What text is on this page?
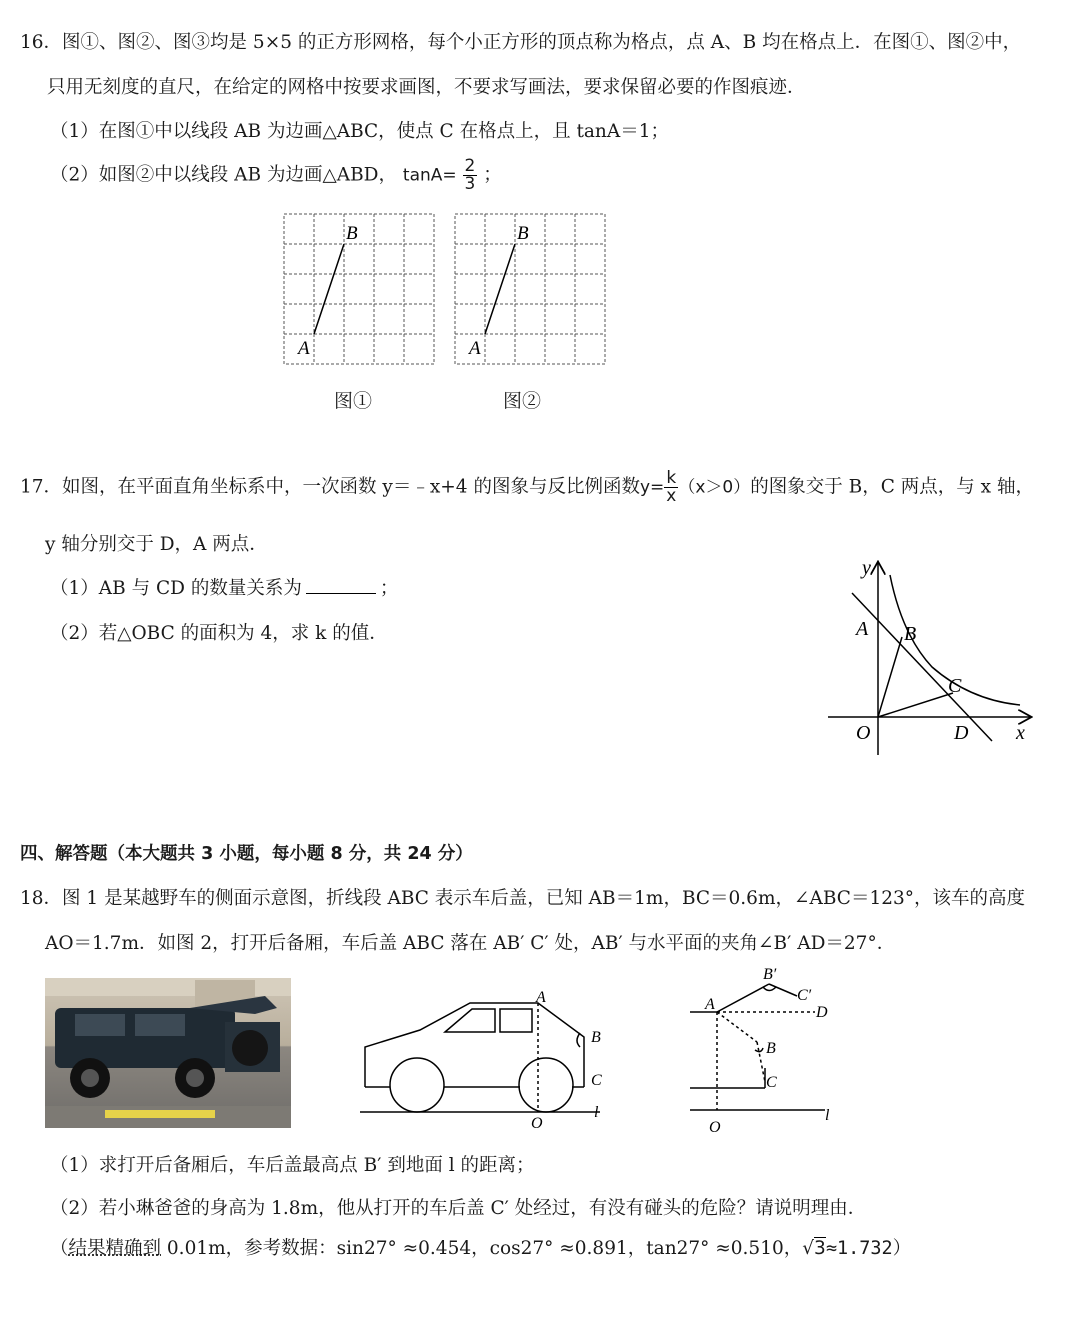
16．图①、图②、图③均是 5×5 的正方形网格，每个小正方形的顶点称为格点，点 A、B 均在格点上．在图①、图②中，
只用无刻度的直尺，在给定的网格中按要求画图，不要求写画法，要求保留必要的作图痕迹．
（1）在图①中以线段 AB 为边画△ABC，使点 C 在格点上，且 tanA＝1；
（2）如图②中以线段 AB 为边画△ABD， $\tan A= \frac{2}{3}$ ；
B
A
图①
B
A
图②
17．如图，在平面直角坐标系中，一次函数 y＝﹣x+4 的图象与反比例函数$y= \frac{k}{x} (x>0)$的图象交于 B，C 两点，与 x 轴，
y 轴分别交于 D，A 两点．
（1）AB 与 CD 的数量关系为	；
（2）若△OBC 的面积为 4，求 k 的值．
y
x
A B
C
D
O
四、解答题（本大题共 3 小题，每小题 8 分，共 24 分）
18．图 1 是某越野车的侧面示意图，折线段 ABC 表示车后盖，已知 AB＝1m，BC＝0.6m，∠ABC＝123°，该车的高度
AO＝1.7m．如图 2，打开后备厢，车后盖 ABC 落在 AB′ C′ 处，AB′ 与水平面的夹角∠B′ AD＝27°．
A
B
C
O
l
A
B′
C′
D
B
C
O
l
（1）求打开后备厢后，车后盖最高点 B′ 到地面 l 的距离；
（2）若小琳爸爸的身高为 1.8m，他从打开的车后盖 C′ 处经过，有没有碰头的危险？请说明理由．
（结果精确到 0.01m，参考数据：sin27° ≈0.454，cos27° ≈0.891，tan27° ≈0.510，√3≈1.732）
